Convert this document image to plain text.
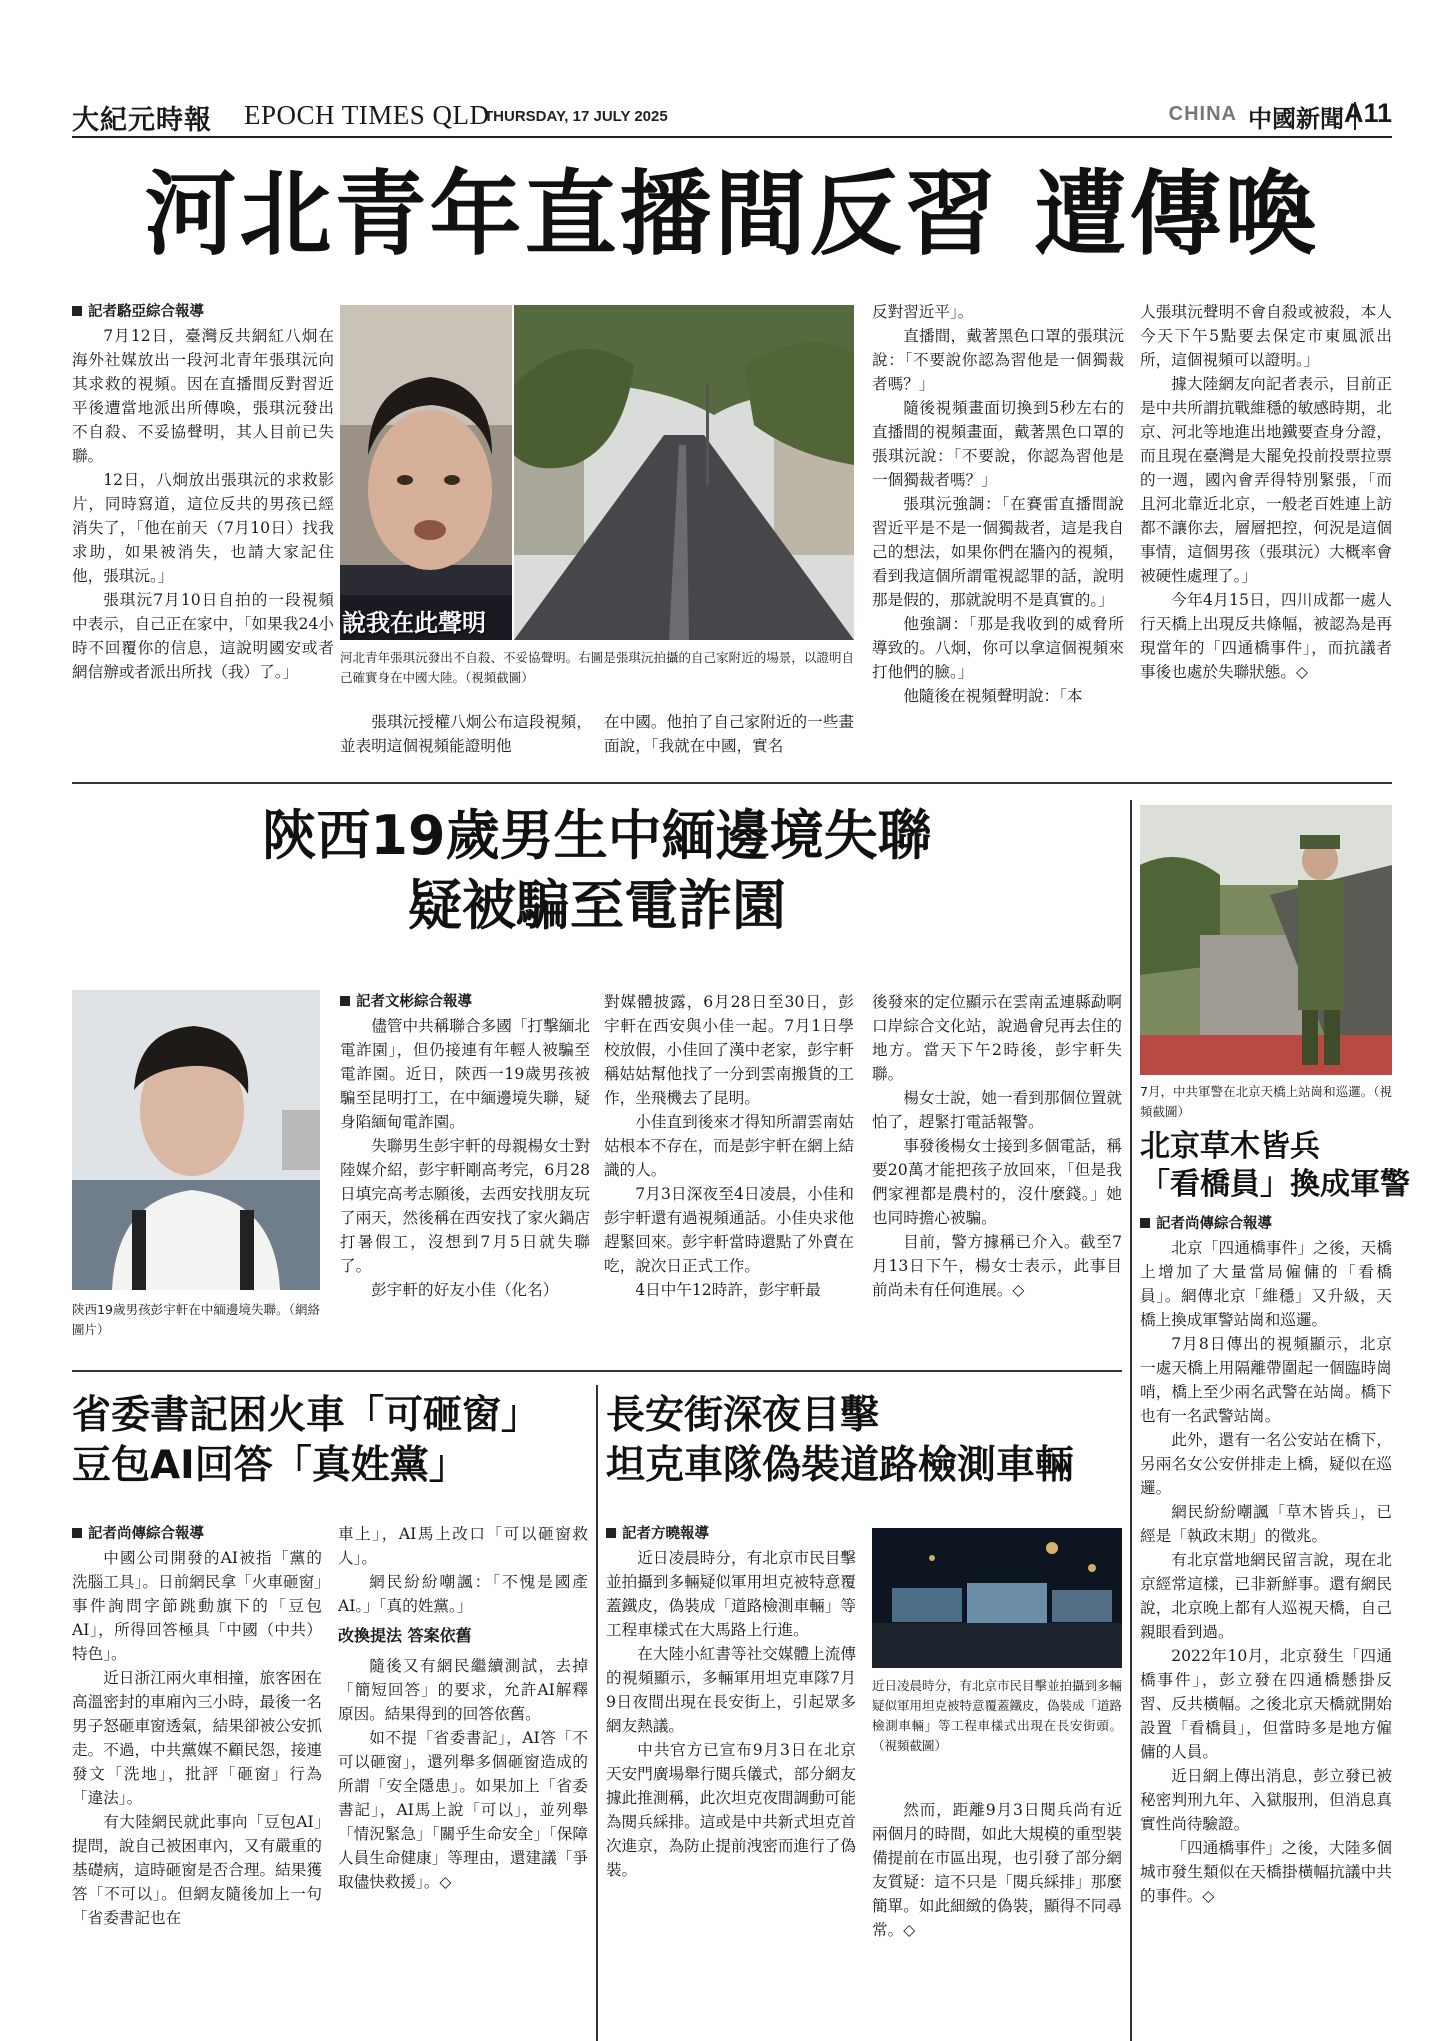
大紀元時報 EPOCH TIMES QLD
THURSDAY, 17 JULY 2025	CHINA 中國新聞 A11
河北青年直播間反習 遭傳喚

記者駱亞綜合報導

7月12日，臺灣反共網紅八炯在海外社媒放出一段河北青年張琪沅向其求救的視頻。因在直播間反對習近平後遭當地派出所傳喚，張琪沅發出不自殺、不妥協聲明，其人目前已失聯。

12日，八炯放出張琪沅的求救影片，同時寫道，這位反共的男孩已經消失了，「他在前天（7月10日）找我求助，如果被消失，也請大家記住他，張琪沅。」

張琪沅7月10日自拍的一段視頻中表示，自己正在家中，「如果我24小時不回覆你的信息，這說明國安或者網信辦或者派出所找（我）了。」

說我在此聲明
河北青年張琪沅發出不自殺、不妥協聲明。右圖是張琪沅拍攝的自己家附近的場景，以證明自己確實身在中國大陸。（視頻截圖）

張琪沅授權八炯公布這段視頻，並表明這個視頻能證明他

在中國。他拍了自己家附近的一些畫面說，「我就在中國，實名

反對習近平」。

直播間，戴著黑色口罩的張琪沅說：「不要說你認為習他是一個獨裁者嗎？」

隨後視頻畫面切換到5秒左右的直播間的視頻畫面，戴著黑色口罩的張琪沅說：「不要說，你認為習他是一個獨裁者嗎？」

張琪沅強調：「在賽雷直播間說習近平是不是一個獨裁者，這是我自己的想法，如果你們在牆內的視頻，看到我這個所謂電視認罪的話，說明那是假的，那就說明不是真實的。」

他強調：「那是我收到的威脅所導致的。八炯，你可以拿這個視頻來打他們的臉。」

他隨後在視頻聲明說：「本

人張琪沅聲明不會自殺或被殺，本人今天下午5點要去保定市東風派出所，這個視頻可以證明。」

據大陸網友向記者表示，目前正是中共所謂抗戰維穩的敏感時期，北京、河北等地進出地鐵要查身分證，而且現在臺灣是大罷免投前投票拉票的一週，國內會弄得特別緊張，「而且河北靠近北京，一般老百姓連上訪都不讓你去，層層把控，何況是這個事情，這個男孩（張琪沅）大概率會被硬性處理了。」

今年4月15日，四川成都一處人行天橋上出現反共條幅，被認為是再現當年的「四通橋事件」，而抗議者事後也處於失聯狀態。◇

陝西19歲男生中緬邊境失聯
疑被騙至電詐園
陝西19歲男孩彭宇軒在中緬邊境失聯。（網絡圖片）

記者文彬綜合報導

儘管中共稱聯合多國「打擊緬北電詐園」，但仍接連有年輕人被騙至電詐園。近日，陝西一19歲男孩被騙至昆明打工，在中緬邊境失聯，疑身陷緬甸電詐園。

失聯男生彭宇軒的母親楊女士對陸媒介紹，彭宇軒剛高考完，6月28日填完高考志願後，去西安找朋友玩了兩天，然後稱在西安找了家火鍋店打暑假工，沒想到7月5日就失聯了。

彭宇軒的好友小佳（化名）

對媒體披露，6月28日至30日，彭宇軒在西安與小佳一起。7月1日學校放假，小佳回了漢中老家，彭宇軒稱姑姑幫他找了一分到雲南搬貨的工作，坐飛機去了昆明。

小佳直到後來才得知所謂雲南姑姑根本不存在，而是彭宇軒在網上結識的人。

7月3日深夜至4日凌晨，小佳和彭宇軒還有過視頻通話。小佳央求他趕緊回來。彭宇軒當時還點了外賣在吃，說次日正式工作。

4日中午12時許，彭宇軒最

後發來的定位顯示在雲南孟連縣勐啊口岸綜合文化站，說過會兒再去住的地方。當天下午2時後，彭宇軒失聯。

楊女士說，她一看到那個位置就怕了，趕緊打電話報警。

事發後楊女士接到多個電話，稱要20萬才能把孩子放回來，「但是我們家裡都是農村的，沒什麼錢。」她也同時擔心被騙。

目前，警方據稱已介入。截至7月13日下午，楊女士表示，此事目前尚未有任何進展。◇

7月，中共軍警在北京天橋上站崗和巡邏。（視頻截圖）
北京草木皆兵
「看橋員」換成軍警

記者尚傳綜合報導

北京「四通橋事件」之後，天橋上增加了大量當局僱傭的「看橋員」。網傳北京「維穩」又升級，天橋上換成軍警站崗和巡邏。

7月8日傳出的視頻顯示，北京一處天橋上用隔離帶圍起一個臨時崗哨，橋上至少兩名武警在站崗。橋下也有一名武警站崗。

此外，還有一名公安站在橋下，另兩名女公安併排走上橋，疑似在巡邏。

網民紛紛嘲諷「草木皆兵」，已經是「執政末期」的徵兆。

有北京當地網民留言說，現在北京經常這樣，已非新鮮事。還有網民說，北京晚上都有人巡視天橋，自己親眼看到過。

2022年10月，北京發生「四通橋事件」，彭立發在四通橋懸掛反習、反共橫幅。之後北京天橋就開始設置「看橋員」，但當時多是地方僱傭的人員。

近日網上傳出消息，彭立發已被秘密判刑九年、入獄服刑，但消息真實性尚待驗證。

「四通橋事件」之後，大陸多個城市發生類似在天橋掛橫幅抗議中共的事件。◇

省委書記困火車「可砸窗」
豆包AI回答「真姓黨」

記者尚傳綜合報導

中國公司開發的AI被指「黨的洗腦工具」。日前網民拿「火車砸窗」事件詢問字節跳動旗下的「豆包AI」，所得回答極具「中國（中共）特色」。

近日浙江兩火車相撞，旅客困在高溫密封的車廂內三小時，最後一名男子怒砸車窗透氣，結果卻被公安抓走。不過，中共黨媒不顧民怨，接連發文「洗地」，批評「砸窗」行為「違法」。

有大陸網民就此事向「豆包AI」提問，說自己被困車內，又有嚴重的基礎病，這時砸窗是否合理。結果獲答「不可以」。但網友隨後加上一句「省委書記也在

車上」，AI馬上改口「可以砸窗救人」。

網民紛紛嘲諷：「不愧是國產AI。」「真的姓黨。」

改換提法 答案依舊

隨後又有網民繼續測試，去掉「簡短回答」的要求，允許AI解釋原因。結果得到的回答依舊。

如不提「省委書記」，AI答「不可以砸窗」，還列舉多個砸窗造成的所謂「安全隱患」。如果加上「省委書記」，AI馬上說「可以」，並列舉「情況緊急」「關乎生命安全」「保障人員生命健康」等理由，還建議「爭取儘快救援」。◇

長安街深夜目擊
坦克車隊偽裝道路檢測車輛

記者方曉報導

近日凌晨時分，有北京市民目擊並拍攝到多輛疑似軍用坦克被特意覆蓋鐵皮，偽裝成「道路檢測車輛」等工程車樣式在大馬路上行進。

在大陸小紅書等社交媒體上流傳的視頻顯示，多輛軍用坦克車隊7月9日夜間出現在長安街上，引起眾多網友熱議。

中共官方已宣布9月3日在北京天安門廣場舉行閱兵儀式，部分網友據此推測稱，此次坦克夜間調動可能為閱兵綵排。這或是中共新式坦克首次進京，為防止提前洩密而進行了偽裝。

近日凌晨時分，有北京市民目擊並拍攝到多輛疑似軍用坦克被特意覆蓋鐵皮，偽裝成「道路檢測車輛」等工程車樣式出現在長安街頭。（視頻截圖）

然而，距離9月3日閱兵尚有近兩個月的時間，如此大規模的重型裝備提前在市區出現，也引發了部分網友質疑：這不只是「閱兵綵排」那麼簡單。如此細緻的偽裝，顯得不同尋常。◇
